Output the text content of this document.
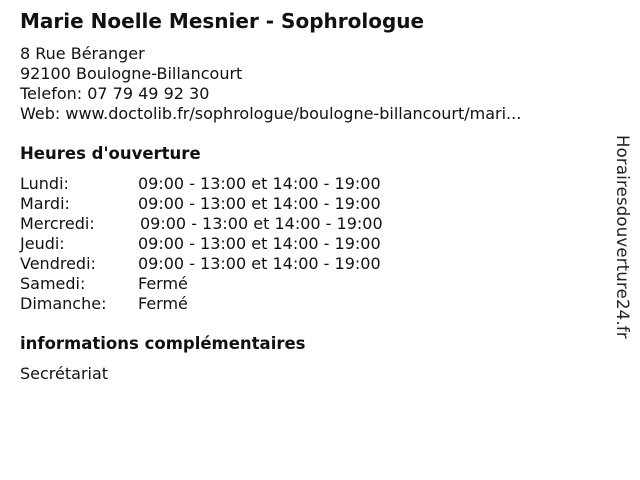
Marie Noelle Mesnier - Sophrologue
8 Rue Béranger
92100 Boulogne-Billancourt
Telefon: 07 79 49 92 30
Web: www.doctolib.fr/sophrologue/boulogne-billancourt/mari...
Heures d'ouverture
Lundi:	09:00 - 13:00 et 14:00 - 19:00
Mardi:	09:00 - 13:00 et 14:00 - 19:00
Mercredi:	09:00 - 13:00 et 14:00 - 19:00
Jeudi:	09:00 - 13:00 et 14:00 - 19:00
Vendredi:	09:00 - 13:00 et 14:00 - 19:00
Samedi:	Fermé
Dimanche: Fermé
informations complémentaires
Secrétariat
Horairesdouverture24.fr
